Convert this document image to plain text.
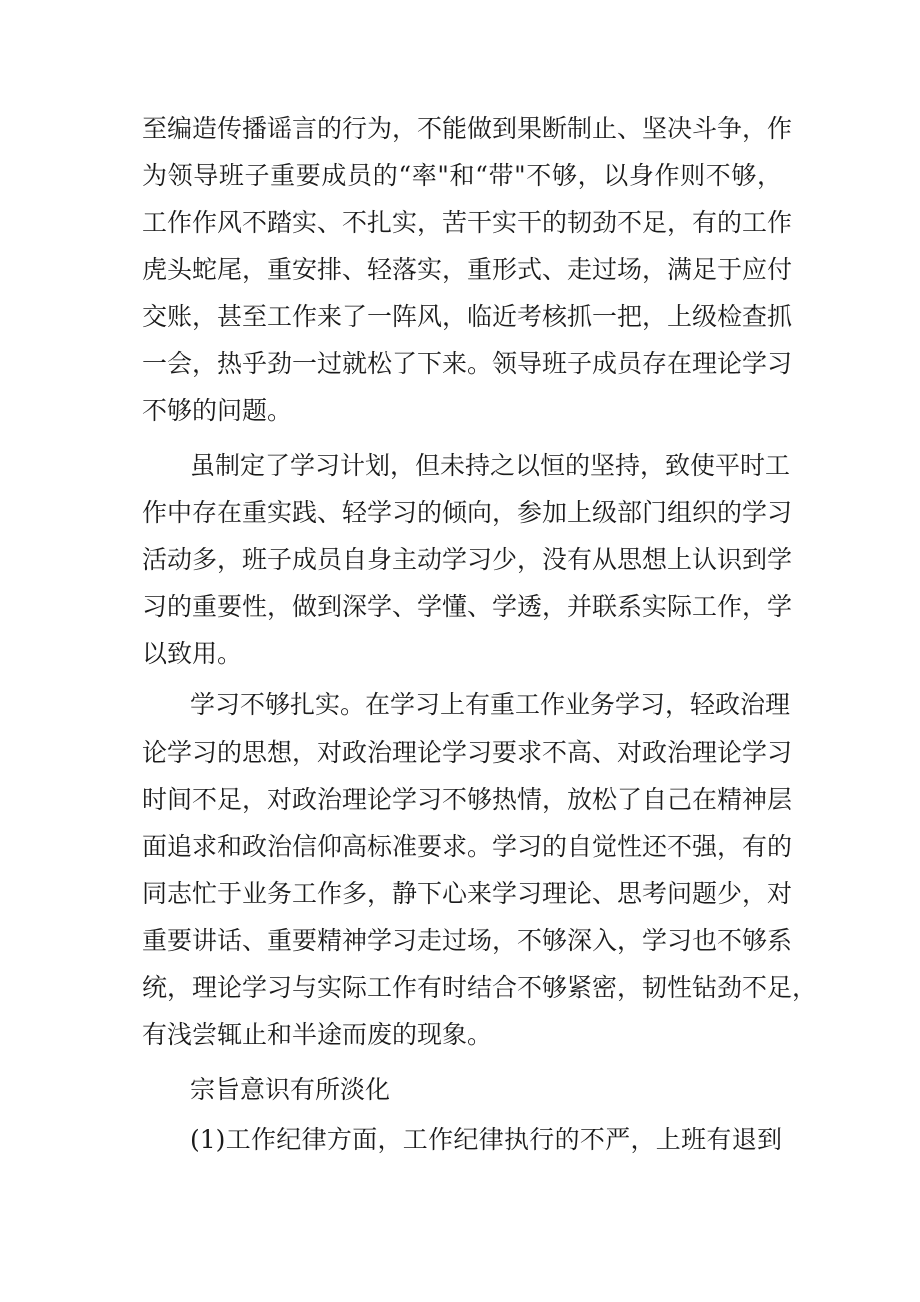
至编造传播谣言的行为，不能做到果断制止、坚决斗争，作
为领导班子重要成员的“率"和“带"不够，以身作则不够，
工作作风不踏实、不扎实，苦干实干的韧劲不足，有的工作
虎头蛇尾，重安排、轻落实，重形式、走过场，满足于应付
交账，甚至工作来了一阵风，临近考核抓一把，上级检查抓
一会，热乎劲一过就松了下来。领导班子成员存在理论学习
不够的问题。
虽制定了学习计划，但未持之以恒的坚持，致使平时工
作中存在重实践、轻学习的倾向，参加上级部门组织的学习
活动多，班子成员自身主动学习少，没有从思想上认识到学
习的重要性，做到深学、学懂、学透，并联系实际工作，学
以致用。
学习不够扎实。在学习上有重工作业务学习，轻政治理
论学习的思想，对政治理论学习要求不高、对政治理论学习
时间不足，对政治理论学习不够热情，放松了自己在精神层
面追求和政治信仰高标准要求。学习的自觉性还不强，有的
同志忙于业务工作多，静下心来学习理论、思考问题少，对
重要讲话、重要精神学习走过场，不够深入，学习也不够系
统，理论学习与实际工作有时结合不够紧密，韧性钻劲不足，
有浅尝辄止和半途而废的现象。
宗旨意识有所淡化
(1)工作纪律方面，工作纪律执行的不严，上班有退到
